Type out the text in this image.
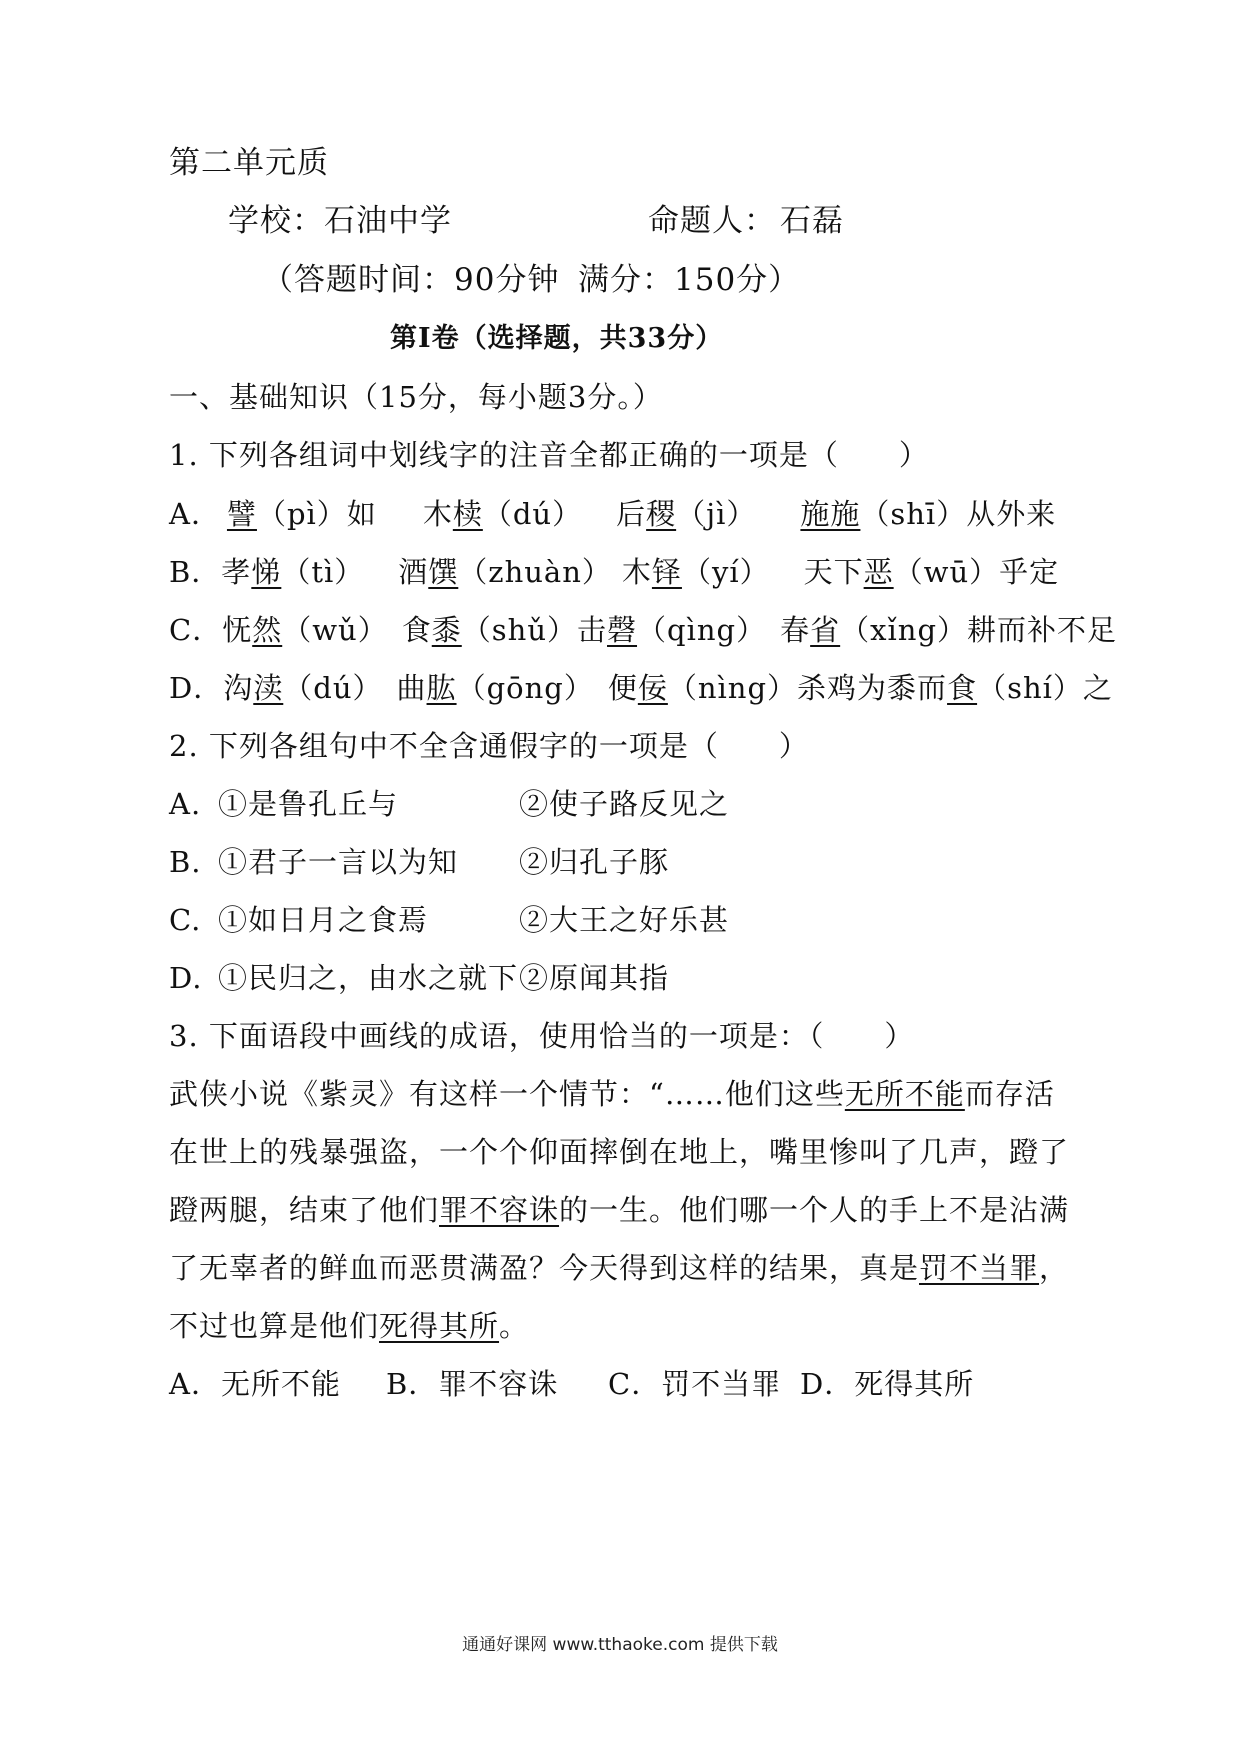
第二单元质
学校：石油中学	命题人： 石磊
（答题时间：90分钟 满分：150分）
第Ⅰ卷（选择题，共33分）
一、基础知识（15分，每小题3分。）
1. 下列各组词中划线字的注音全都正确的一项是（　　）
A． 譬（pì）如 木椟（dú） 后稷（jì） 施施（shī）从外来
B．孝悌（tì） 酒馔（zhuàn） 木铎（yí） 天下恶（wū）乎定
C．怃然（wǔ） 食黍（shǔ）击磬（qìng） 春省（xǐng）耕而补不足
D．沟渎（dú） 曲肱（gōng） 便佞（nìng）杀鸡为黍而食（shí）之
2. 下列各组句中不全含通假字的一项是（　　）
A. ①是鲁孔丘与	②使子路反见之
B. ①君子一言以为知 ②归孔子豚
C. ①如日月之食焉	②大王之好乐甚
D. ①民归之，由水之就下 ②原闻其指
3. 下面语段中画线的成语，使用恰当的一项是：（　　）
武侠小说《紫灵》有这样一个情节：“……他们这些无所不能而存活
在世上的残暴强盗，一个个仰面摔倒在地上，嘴里惨叫了几声，蹬了
蹬两腿，结束了他们罪不容诛的一生。他们哪一个人的手上不是沾满
了无辜者的鲜血而恶贯满盈？今天得到这样的结果，真是罚不当罪，
不过也算是他们死得其所。
A．无所不能 B．罪不容诛 C．罚不当罪 D．死得其所
通通好课网 www.tthaoke.com 提供下载
